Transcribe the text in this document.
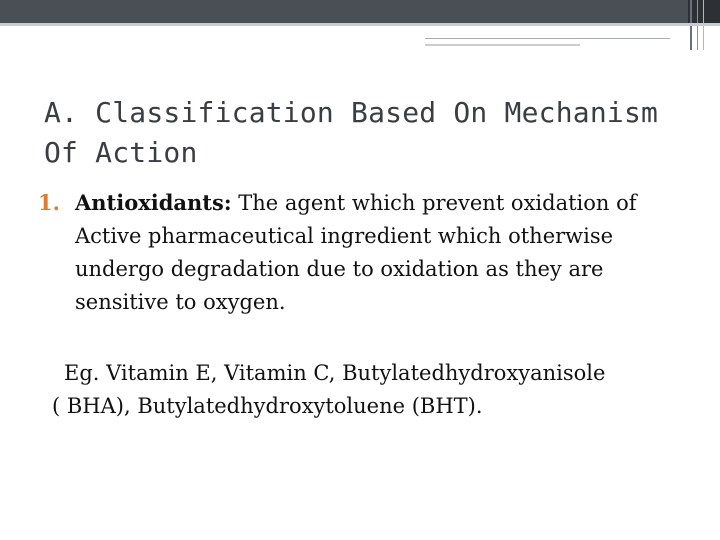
A. Classification Based On Mechanism
Of Action
1. Antioxidants: The agent which prevent oxidation of Active pharmaceutical ingredient which otherwise undergo degradation due to oxidation as they are sensitive to oxygen.
Eg. Vitamin E, Vitamin C, Butylatedhydroxyanisole
( BHA), Butylatedhydroxytoluene (BHT).
